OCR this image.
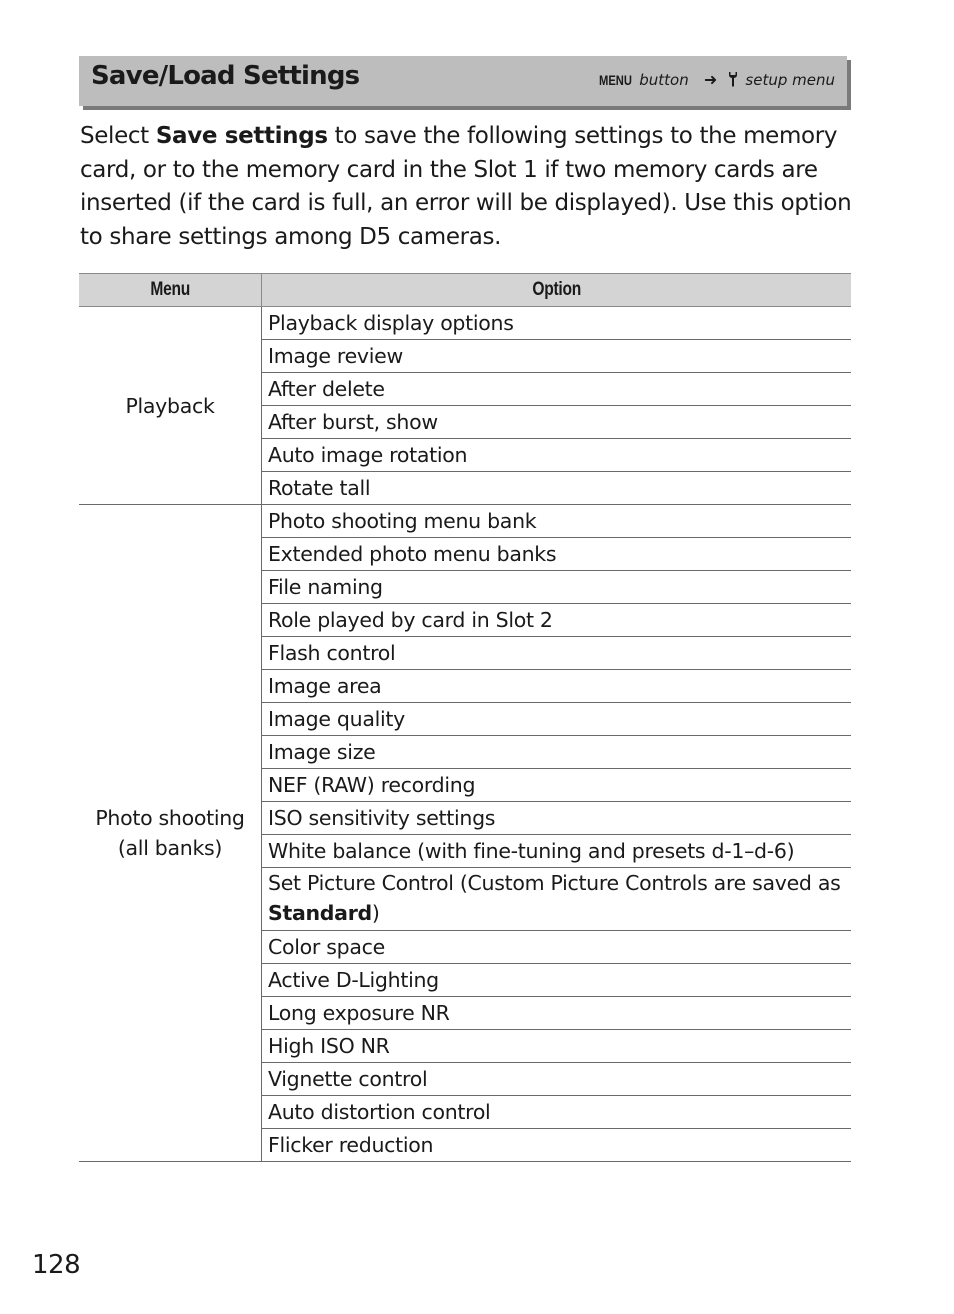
Save/Load Settings	MENU button ➜ setup menu
Select Save settings to save the following settings to the memory card, or to the memory card in the Slot 1 if two memory cards are inserted (if the card is full, an error will be displayed). Use this option to share settings among D5 cameras.
Menu	Option
Playback	Playback display options
	Image review
	After delete
	After burst, show
	Auto image rotation
	Rotate tall
Photo shooting
(all banks)	Photo shooting menu bank
	Extended photo menu banks
	File naming
	Role played by card in Slot 2
	Flash control
	Image area
	Image quality
	Image size
	NEF (RAW) recording
	ISO sensitivity settings
	White balance (with fine-tuning and presets d-1–d-6)
	Set Picture Control (Custom Picture Controls are saved as Standard)
	Color space
	Active D-Lighting
	Long exposure NR
	High ISO NR
	Vignette control
	Auto distortion control
	Flicker reduction
128
